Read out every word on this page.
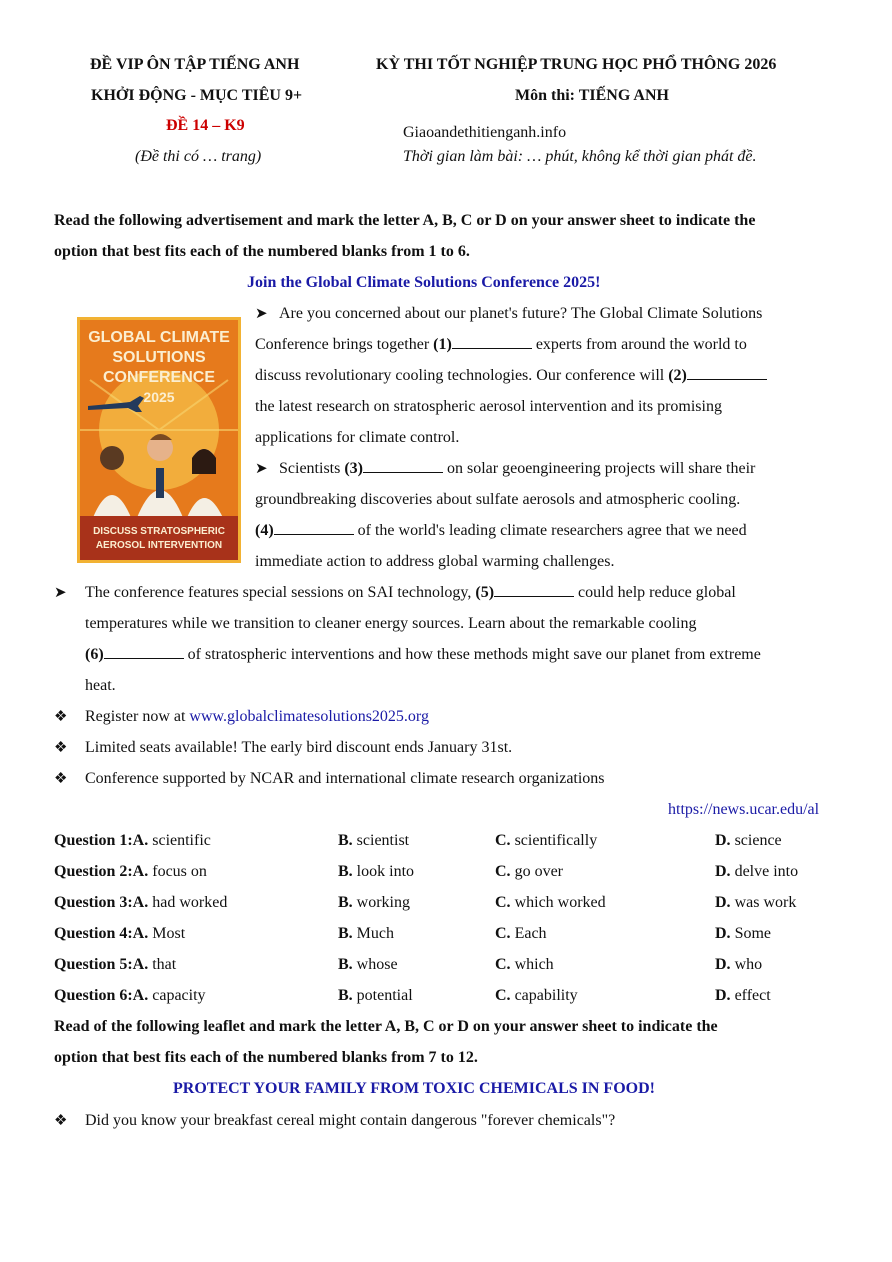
ĐỀ VIP ÔN TẬP TIẾNG ANH
KHỞI ĐỘNG - MỤC TIÊU 9+
ĐỀ 14 – K9
(Đề thi có … trang)
KỲ THI TỐT NGHIỆP TRUNG HỌC PHỔ THÔNG 2026
Môn thi: TIẾNG ANH
Giaoandethitienganh.info
Thời gian làm bài: … phút, không kể thời gian phát đề.
Read the following advertisement and mark the letter A, B, C or D on your answer sheet to indicate the
option that best fits each of the numbered blanks from 1 to 6.
Join the Global Climate Solutions Conference 2025!
GLOBAL CLIMATE
SOLUTIONS
CONFERENCE
2025
DISCUSS STRATOSPHERIC
AEROSOL INTERVENTION
➤ Are you concerned about our planet's future? The Global Climate Solutions
Conference brings together (1)	experts from around the world to
discuss revolutionary cooling technologies. Our conference will (2)
the latest research on stratospheric aerosol intervention and its promising
applications for climate control.
➤ Scientists (3)	on solar geoengineering projects will share their
groundbreaking discoveries about sulfate aerosols and atmospheric cooling.
(4)	of the world's leading climate researchers agree that we need
immediate action to address global warming challenges.
➤ The conference features special sessions on SAI technology, (5)	could help reduce global
temperatures while we transition to cleaner energy sources. Learn about the remarkable cooling
(6)	of stratospheric interventions and how these methods might save our planet from extreme
heat.
❖ Register now at www.globalclimatesolutions2025.org
❖ Limited seats available! The early bird discount ends January 31st.
❖ Conference supported by NCAR and international climate research organizations
https://news.ucar.edu/al
Question 1:A. scientific	B. scientist	C. scientifically	D. science
Question 2:A. focus on	B. look into	C. go over	D. delve into
Question 3:A. had worked	B. working	C. which worked	D. was work
Question 4:A. Most	B. Much	C. Each	D. Some
Question 5:A. that	B. whose	C. which	D. who
Question 6:A. capacity	B. potential	C. capability	D. effect
Read of the following leaflet and mark the letter A, B, C or D on your answer sheet to indicate the
option that best fits each of the numbered blanks from 7 to 12.
PROTECT YOUR FAMILY FROM TOXIC CHEMICALS IN FOOD!
❖ Did you know your breakfast cereal might contain dangerous "forever chemicals"?
